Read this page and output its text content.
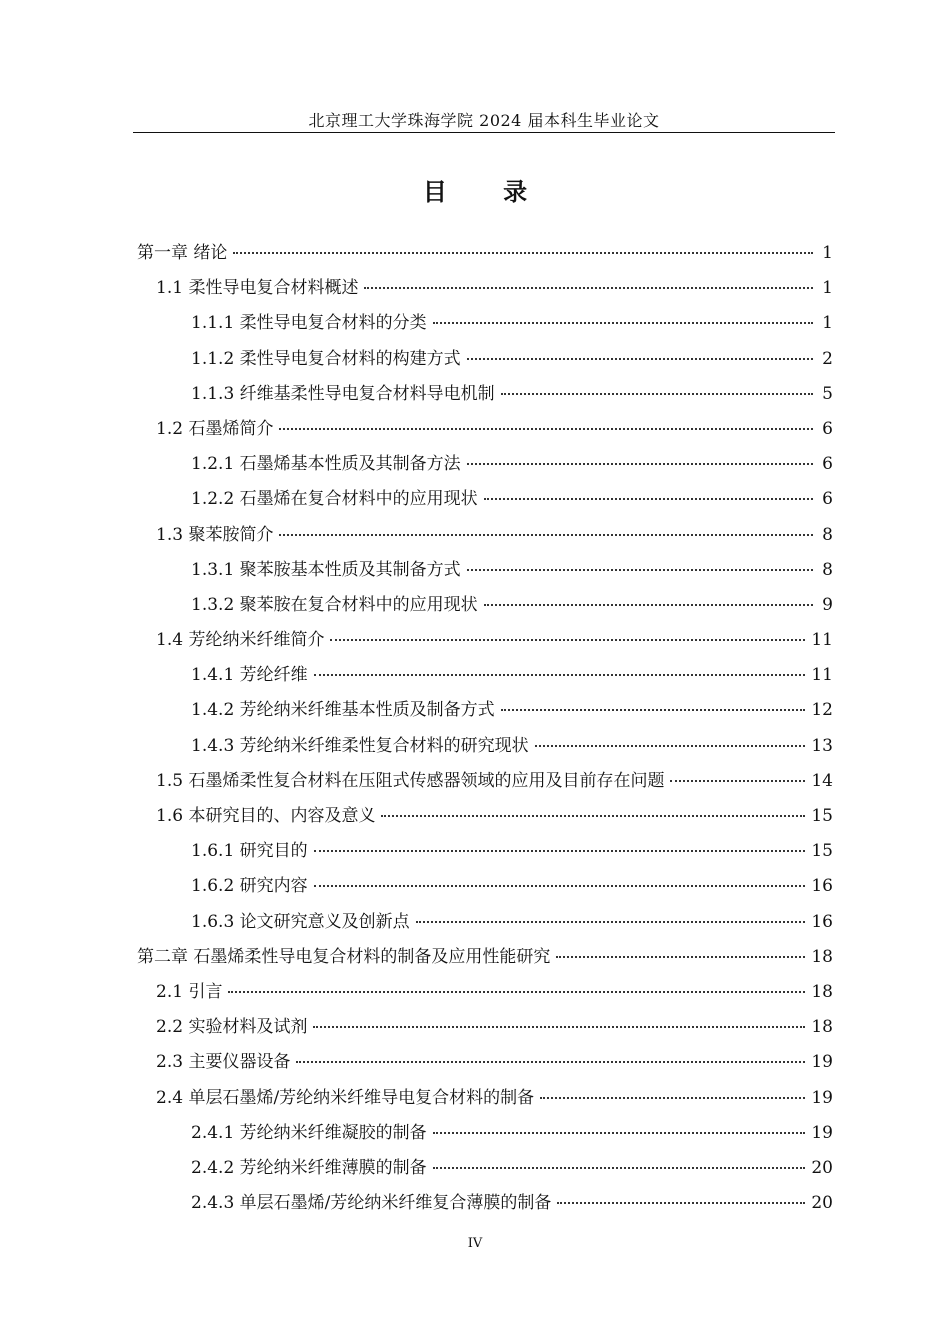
北京理工大学珠海学院 2024 届本科生毕业论文
目 录
第一章 绪论	1
1.1 柔性导电复合材料概述	1
1.1.1 柔性导电复合材料的分类	1
1.1.2 柔性导电复合材料的构建方式	2
1.1.3 纤维基柔性导电复合材料导电机制	5
1.2 石墨烯简介	6
1.2.1 石墨烯基本性质及其制备方法	6
1.2.2 石墨烯在复合材料中的应用现状	6
1.3 聚苯胺简介	8
1.3.1 聚苯胺基本性质及其制备方式	8
1.3.2 聚苯胺在复合材料中的应用现状	9
1.4 芳纶纳米纤维简介	11
1.4.1 芳纶纤维	11
1.4.2 芳纶纳米纤维基本性质及制备方式	12
1.4.3 芳纶纳米纤维柔性复合材料的研究现状	13
1.5 石墨烯柔性复合材料在压阻式传感器领域的应用及目前存在问题	14
1.6 本研究目的、内容及意义	15
1.6.1 研究目的	15
1.6.2 研究内容	16
1.6.3 论文研究意义及创新点	16
第二章 石墨烯柔性导电复合材料的制备及应用性能研究	18
2.1 引言	18
2.2 实验材料及试剂	18
2.3 主要仪器设备	19
2.4 单层石墨烯/芳纶纳米纤维导电复合材料的制备	19
2.4.1 芳纶纳米纤维凝胶的制备	19
2.4.2 芳纶纳米纤维薄膜的制备	20
2.4.3 单层石墨烯/芳纶纳米纤维复合薄膜的制备	20
IV
